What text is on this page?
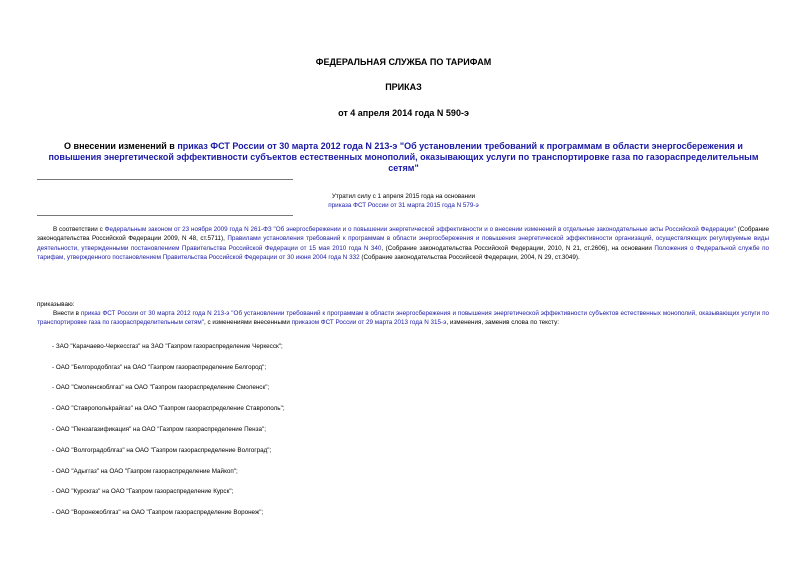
ФЕДЕРАЛЬНАЯ СЛУЖБА ПО ТАРИФАМ
ПРИКАЗ
от 4 апреля 2014 года N 590-э
О внесении изменений в приказ ФСТ России от 30 марта 2012 года N 213-э "Об установлении требований к программам в области энергосбережения и повышения энергетической эффективности субъектов естественных монополий, оказывающих услуги по транспортировке газа по газораспределительным сетям"
Утратил силу с 1 апреля 2015 года на основании
приказа ФСТ России от 31 марта 2015 года N 579-э
В соответствии с Федеральным законом от 23 ноября 2009 года N 261-ФЗ "Об энергосбережении и о повышении энергетической эффективности и о внесении изменений в отдельные законодательные акты Российской Федерации" (Собрание законодательства Российской Федерации 2009, N 48, ст.5711), Правилами установления требований к программам в области энергосбережения и повышения энергетической эффективности организаций, осуществляющих регулируемые виды деятельности, утвержденными постановлением Правительства Российской Федерации от 15 мая 2010 года N 340, (Собрание законодательства Российской Федерации, 2010, N 21, ст.2606), на основании Положения о Федеральной службе по тарифам, утвержденного постановлением Правительства Российской Федерации от 30 июня 2004 года N 332 (Собрание законодательства Российской Федерации, 2004, N 29, ст.3049).
приказываю:
Внести в приказ ФСТ России от 30 марта 2012 года N 213-э "Об установлении требований к программам в области энергосбережения и повышения энергетической эффективности субъектов естественных монополий, оказывающих услуги по транспортировке газа по газораспределительным сетям", с изменениями внесенными приказом ФСТ России от 29 марта 2013 года N 315-э, изменения, заменив слова по тексту:
- ЗАО "Карачаево-Черкессгаз" на ЗАО "Газпром газораспределение Черкесск";
- ОАО "Белгородоблгаз" на ОАО "Газпром газораспределение Белгород";
- ОАО "Смоленскоблгаз" на ОАО "Газпром газораспределение Смоленск";
- ОАО "Ставропольkрайгаз" на ОАО "Газпром газораспределение Ставрополь";
- ОАО "Пензагазификация" на ОАО "Газпром газораспределение Пенза";
- ОАО "Волгоградоблгаз" на ОАО "Газпром газораспределение Волгоград";
- ОАО "Адыггаз" на ОАО "Газпром газораспределение Майкоп";
- ОАО "Курскгаз" на ОАО "Газпром газораспределение Курск";
- ОАО "Воронежоблгаз" на ОАО "Газпром газораспределение Воронеж";
